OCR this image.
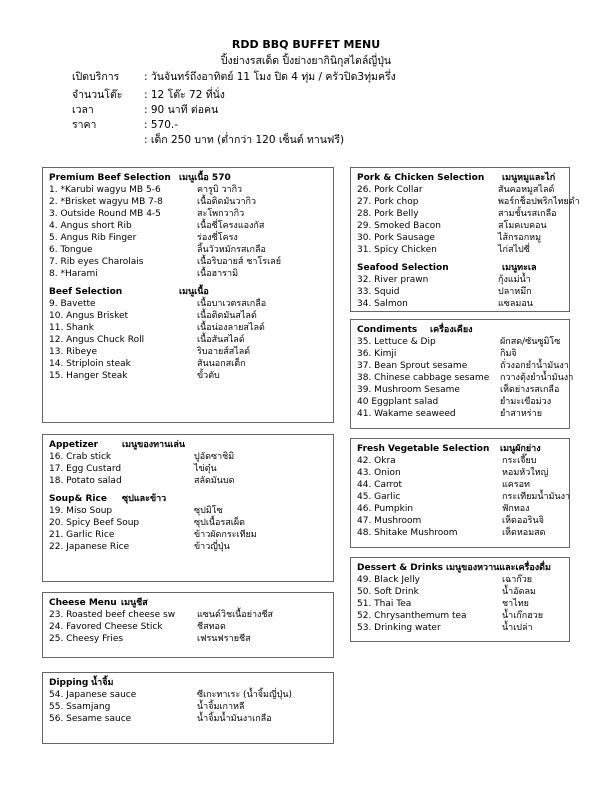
RDD BBQ BUFFET MENU
ปิ้งย่างรสเด็ด ปิ้งย่างยากินิกุสไตล์ญี่ปุ่น
เปิดบริการ : วันจันทร์ถึงอาทิตย์ 11 โมง ปิด 4 ทุ่ม / ครัวปิด3ทุ่มครึ่ง
จำนวนโต๊ะ : 12 โต๊ะ 72 ที่นั่ง
เวลา	: 90 นาที ต่อคน
ราคา	: 570.-
: เด็ก 250 บาท (ต่ำกว่า 120 เซ็นต์ ทานฟรี)
Premium Beef Selection เมนูเนื้อ 570
1. *Karubi wagyu MB 5-6	คารูบิ วากิว
2. *Brisket wagyu MB 7-8	เนื้อติดมันวากิว
3. Outside Round MB 4-5	สะโพกวากิว
4. Angus short Rib	เนื้อซี่โครงแองกัส
5. Angus Rib Finger	ร่องซี่โครง
6. Tongue	ลิ้นวัวหมักรสเกลือ
7. Rib eyes Charolais	เนื้อริบอายส์ ชาโรเลย์
8. *Harami	เนื้อฮารามิ
Beef Selection	เมนูเนื้อ
9. Bavette	เนื้อบาเวตรสเกลือ
10. Angus Brisket	เนื้อติดมันสไลด์
11. Shank	เนื้อน่องลายสไลด์
12. Angus Chuck Roll	เนื้อสันสไลด์
13. Ribeye	ริบอายส์สไลด์
14. Striploin steak	สันนอกสเต็ก
15. Hanger Steak	ขั้วตับ
Pork & Chicken Selection เมนูหมูและไก่
26. Pork Collar	สันคอหมูสไลด์
27. Pork chop	พอร์กช็อปพริกไทยดำ
28. Pork Belly	สามชั้นรสเกลือ
29. Smoked Bacon	สโมคเบคอน
30. Pork Sausage	ไส้กรอกหมู
31. Spicy Chicken	ไก่สไปซี่
Seafood Selection	เมนูทะเล
32. River prawn	กุ้งแม่น้ำ
33. Squid	ปลาหมึก
34. Salmon	แซลมอน
Condiments เครื่องเคียง
35. Lettuce & Dip	ผักสด/ซันซูมิโซ
36. Kimji	กิมจิ
37. Bean Sprout sesame	ถั่วงอกยำน้ำมันงา
38. Chinese cabbage sesame กวางตุ้งยำน้ำมันงา
39. Mushroom Sesame	เห็ดย่างรสเกลือ
40 Eggplant salad	ยำมะเขือม่วง
41. Wakame seaweed	ยำสาหร่าย
Appetizer	เมนูของทานเล่น
16. Crab stick	ปูอัดซาชิมิ
17. Egg Custard	ไข่ตุ๋น
18. Potato salad	สลัดมันบด
Soup& Rice ซุปและข้าว
19. Miso Soup	ซุปมิโซ
20. Spicy Beef Soup	ซุปเนื้อรสเผ็ด
21. Garlic Rice	ข้าวผัดกระเทียม
22. Japanese Rice	ข้าวญี่ปุ่น
Fresh Vegetable Selection เมนูผักย่าง
42. Okra	กระเจี๊ยบ
43. Onion	หอมหัวใหญ่
44. Carrot	แครอท
45. Garlic	กระเทียมน้ำมันงา
46. Pumpkin	ฟักทอง
47. Mushroom	เห็ดออรินจิ
48. Shitake Mushroom	เห็ดหอมสด
Dessert & Drinks เมนูของหวานและเครื่องดื่ม
49. Black Jelly	เฉาก๊วย
50. Soft Drink	น้ำอัดลม
51. Thai Tea	ชาไทย
52. Chrysanthemum tea	น้ำเก๊กฮวย
53. Drinking water	น้ำเปล่า
Cheese Menu เมนูชีส
23. Roasted beef cheese sw แซนด์วิชเนื้อย่างชีส
24. Favored Cheese Stick	ชีสทอด
25. Cheesy Fries	เฟรนฟรายชีส
Dipping น้ำจิ้ม
54. Japanese sauce	ซีเกะทาเระ (น้ำจิ้มญี่ปุ่น)
55. Ssamjang	น้ำจิ้มเกาหลี
56. Sesame sauce	น้ำจิ้มน้ำมันงาเกลือ
